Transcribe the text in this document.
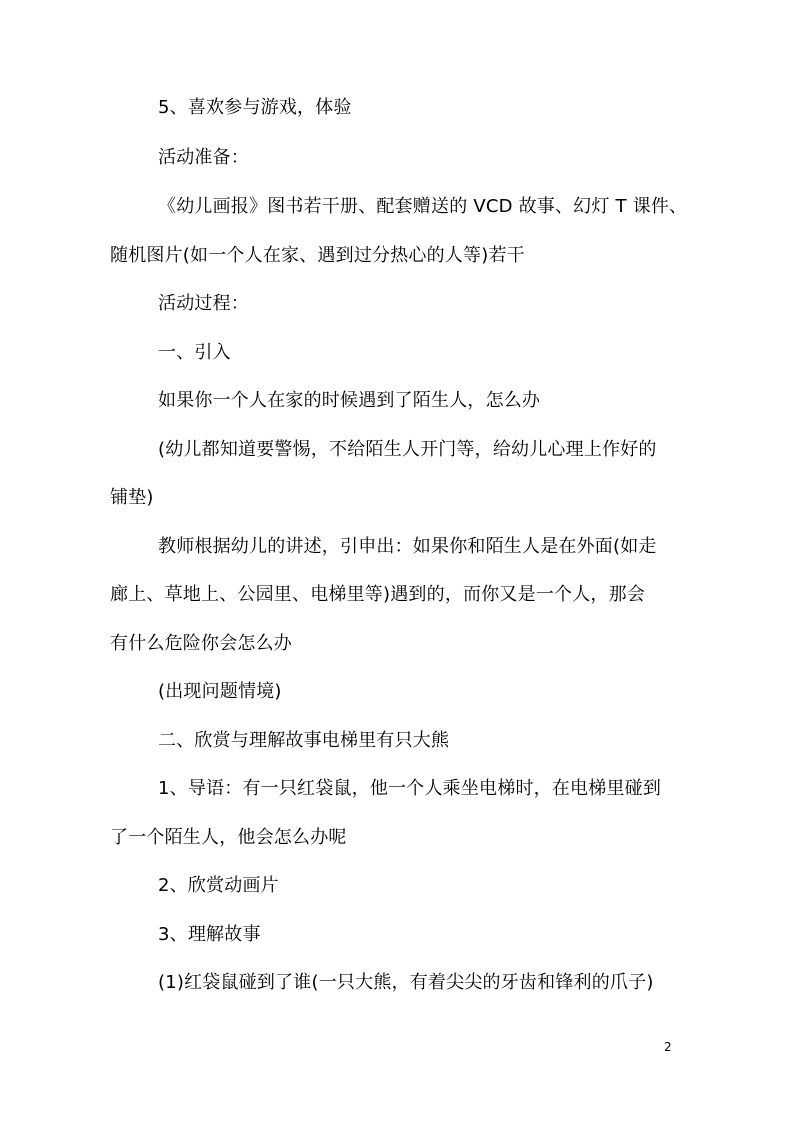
5、喜欢参与游戏，体验
活动准备：
《幼儿画报》图书若干册、配套赠送的 VCD 故事、幻灯 T 课件、
随机图片(如一个人在家、遇到过分热心的人等)若干
活动过程：
一、引入
如果你一个人在家的时候遇到了陌生人，怎么办
(幼儿都知道要警惕，不给陌生人开门等，给幼儿心理上作好的
铺垫)
教师根据幼儿的讲述，引申出：如果你和陌生人是在外面(如走
廊上、草地上、公园里、电梯里等)遇到的，而你又是一个人，那会
有什么危险你会怎么办
(出现问题情境)
二、欣赏与理解故事电梯里有只大熊
1、导语：有一只红袋鼠，他一个人乘坐电梯时，在电梯里碰到
了一个陌生人，他会怎么办呢
2、欣赏动画片
3、理解故事
(1)红袋鼠碰到了谁(一只大熊，有着尖尖的牙齿和锋利的爪子)
2
